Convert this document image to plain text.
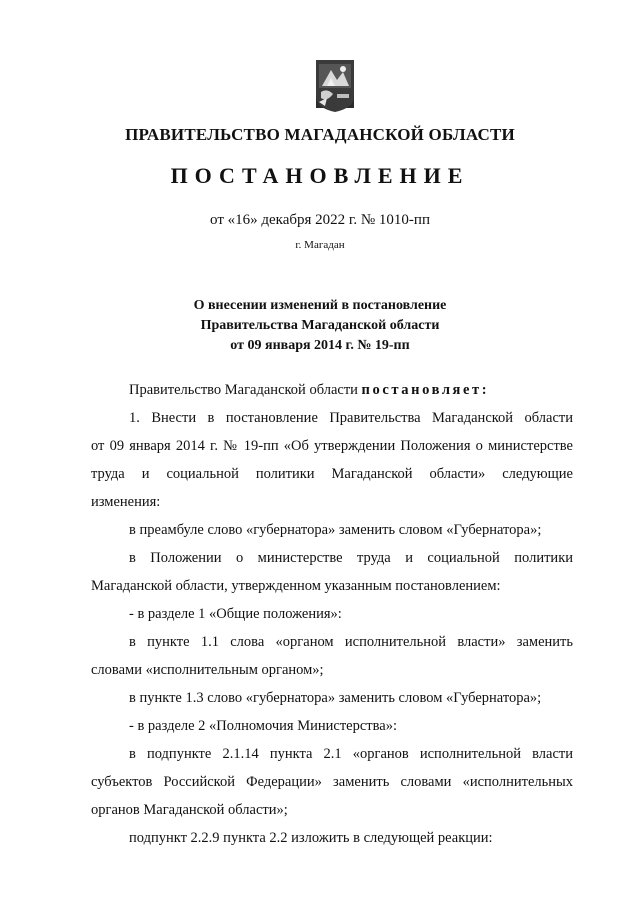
ПРАВИТЕЛЬСТВО МАГАДАНСКОЙ ОБЛАСТИ
ПОСТАНОВЛЕНИЕ
от «16» декабря 2022 г. № 1010-пп
г. Магадан
О внесении изменений в постановление
Правительства Магаданской области
от 09 января 2014 г. № 19-пп
Правительство Магаданской области постановляет:
1. Внести в постановление Правительства Магаданской области
от 09 января 2014 г. № 19-пп «Об утверждении Положения о министерстве
труда и социальной политики Магаданской области» следующие
изменения:
в преамбуле слово «губернатора» заменить словом «Губернатора»;
в Положении о министерстве труда и социальной политики
Магаданской области, утвержденном указанным постановлением:
- в разделе 1 «Общие положения»:
в пункте 1.1 слова «органом исполнительной власти» заменить
словами «исполнительным органом»;
в пункте 1.3 слово «губернатора» заменить словом «Губернатора»;
- в разделе 2 «Полномочия Министерства»:
в подпункте 2.1.14 пункта 2.1 «органов исполнительной власти
субъектов Российской Федерации» заменить словами «исполнительных
органов Магаданской области»;
подпункт 2.2.9 пункта 2.2 изложить в следующей реакции:
